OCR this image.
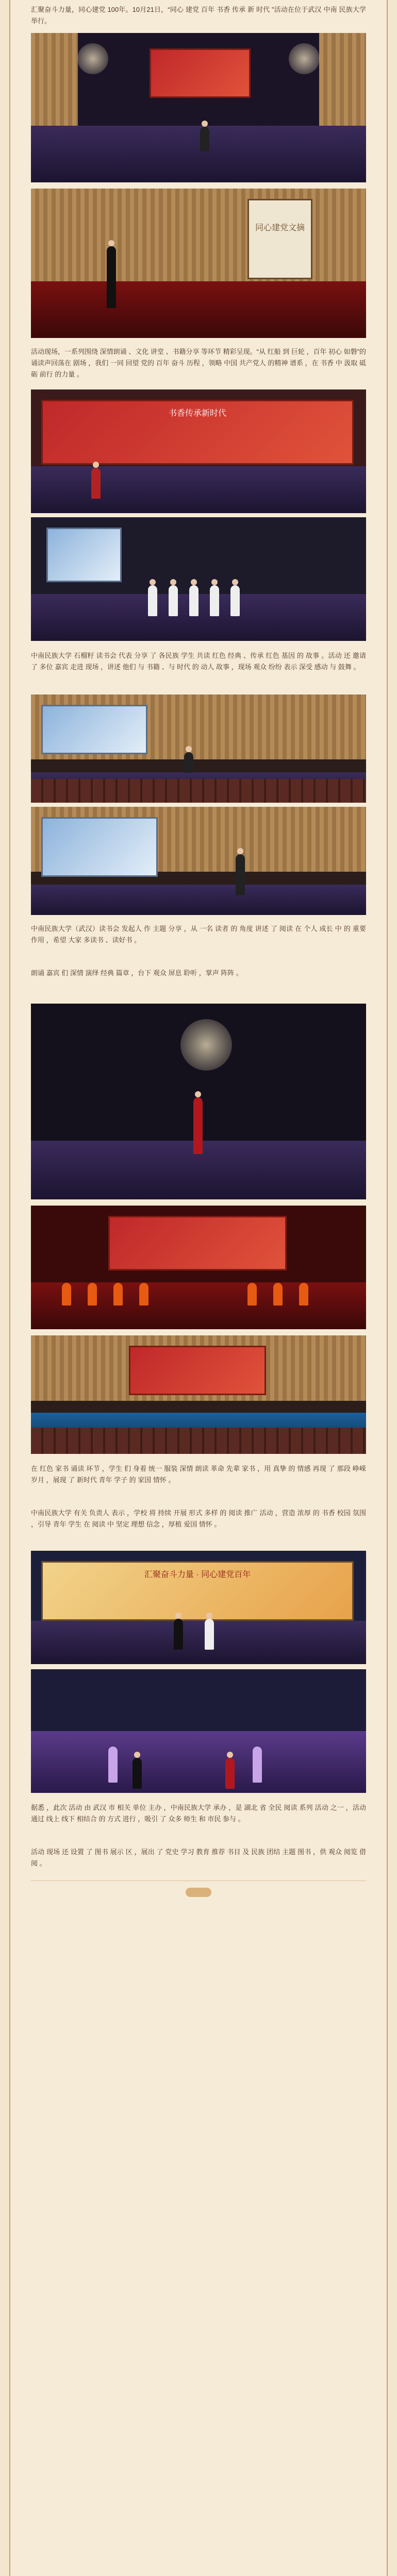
汇聚奋斗力量，同心建党 100年。10月21日，“同心 建党 百年 书香 传承 新 时代 ”活动在位于武汉 中南 民族大学举行。
同心建党文摘
活动现场，一系列围绕 深情朗诵 、文化 讲堂 、书籍分享 等环节 精彩呈现。“从 红船 到 巨轮 ，百年 初心 如磐”的诵读声回荡在 剧场 ，我们 一同 回望 党的 百年 奋斗 历程 ，领略 中国 共产党人 的精神 谱系 ，在 书香 中 汲取 砥砺 前行 的力量 。
书香传承新时代
中南民族大学 石榴籽 读书会 代表 分享 了 各民族 学生 共读 红色 经典 、传承 红色 基因 的 故事 。活动 还 邀请 了 多位 嘉宾 走进 现场 ，讲述 他们 与 书籍 、与 时代 的 动人 故事 ，现场 观众 纷纷 表示 深受 感动 与 鼓舞 。
中南民族大学（武汉）读书会 发起人 作 主题 分享 ，从 一名 读者 的 角度 讲述 了 阅读 在 个人 成长 中 的 重要 作用 ，希望 大家 多读书 、读好书 。
朗诵 嘉宾 们 深情 演绎 经典 篇章 ，台下 观众 屏息 聆听 ，掌声 阵阵 。
在 红色 家书 诵读 环节 ，学生 们 身着 统一 服装 深情 朗读 革命 先辈 家书 ，用 真挚 的 情感 再现 了 那段 峥嵘 岁月 ，展现 了 新时代 青年 学子 的 家国 情怀 。
中南民族大学 有关 负责人 表示 ，学校 将 持续 开展 形式 多样 的 阅读 推广 活动 ，营造 浓厚 的 书香 校园 氛围 ，引导 青年 学生 在 阅读 中 坚定 理想 信念 ，厚植 爱国 情怀 。
汇聚奋斗力量 · 同心建党百年
据悉 ，此次 活动 由 武汉 市 相关 单位 主办 ，中南民族大学 承办 ，是 湖北 省 全民 阅读 系列 活动 之一 ，活动 通过 线上 线下 相结合 的 方式 进行 ，吸引 了 众多 师生 和 市民 参与 。
活动 现场 还 设置 了 图书 展示 区 ，展出 了 党史 学习 教育 推荐 书目 及 民族 团结 主题 图书 ，供 观众 阅览 借阅 。
